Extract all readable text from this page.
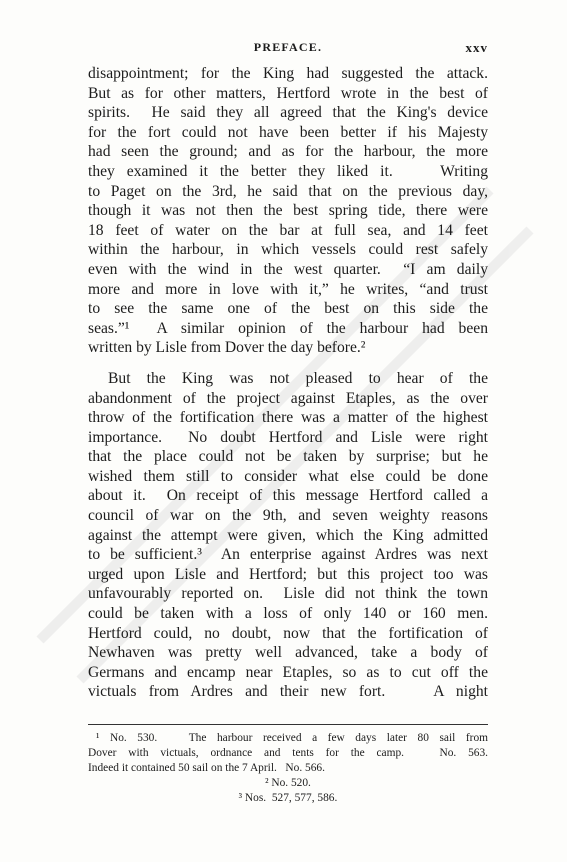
PREFACE.	xxv
disappointment; for the King had suggested the attack.
But as for other matters, Hertford wrote in the best of
spirits.  He said they all agreed that the King's device
for the fort could not have been better if his Majesty
had seen the ground; and as for the harbour, the more
they examined it the better they liked it.    Writing
to Paget on the 3rd, he said that on the previous day,
though it was not then the best spring tide, there were
18 feet of water on the bar at full sea, and 14 feet
within the harbour, in which vessels could rest safely
even with the wind in the west quarter.  “I am daily
more and more in love with it,” he writes, “and trust
to see the same one of the best on this side the
seas.”¹  A similar opinion of the harbour had been
written by Lisle from Dover the day before.²
But the King was not pleased to hear of the
abandonment of the project against Etaples, as the over
throw of the fortification there was a matter of the highest
importance.  No doubt Hertford and Lisle were right
that the place could not be taken by surprise; but he
wished them still to consider what else could be done
about it.  On receipt of this message Hertford called a
council of war on the 9th, and seven weighty reasons
against the attempt were given, which the King admitted
to be sufficient.³  An enterprise against Ardres was next
urged upon Lisle and Hertford; but this project too was
unfavourably reported on.  Lisle did not think the town
could be taken with a loss of only 140 or 160 men.
Hertford could, no doubt, now that the fortification of
Newhaven was pretty well advanced, take a body of
Germans and encamp near Etaples, so as to cut off the
victuals from Ardres and their new fort.    A night
¹ No. 530.   The harbour received a few days later 80 sail from
Dover with victuals, ordnance and tents for the camp.   No. 563.
Indeed it contained 50 sail on the 7 April.   No. 566.
² No. 520.
³ Nos.  527, 577, 586.
